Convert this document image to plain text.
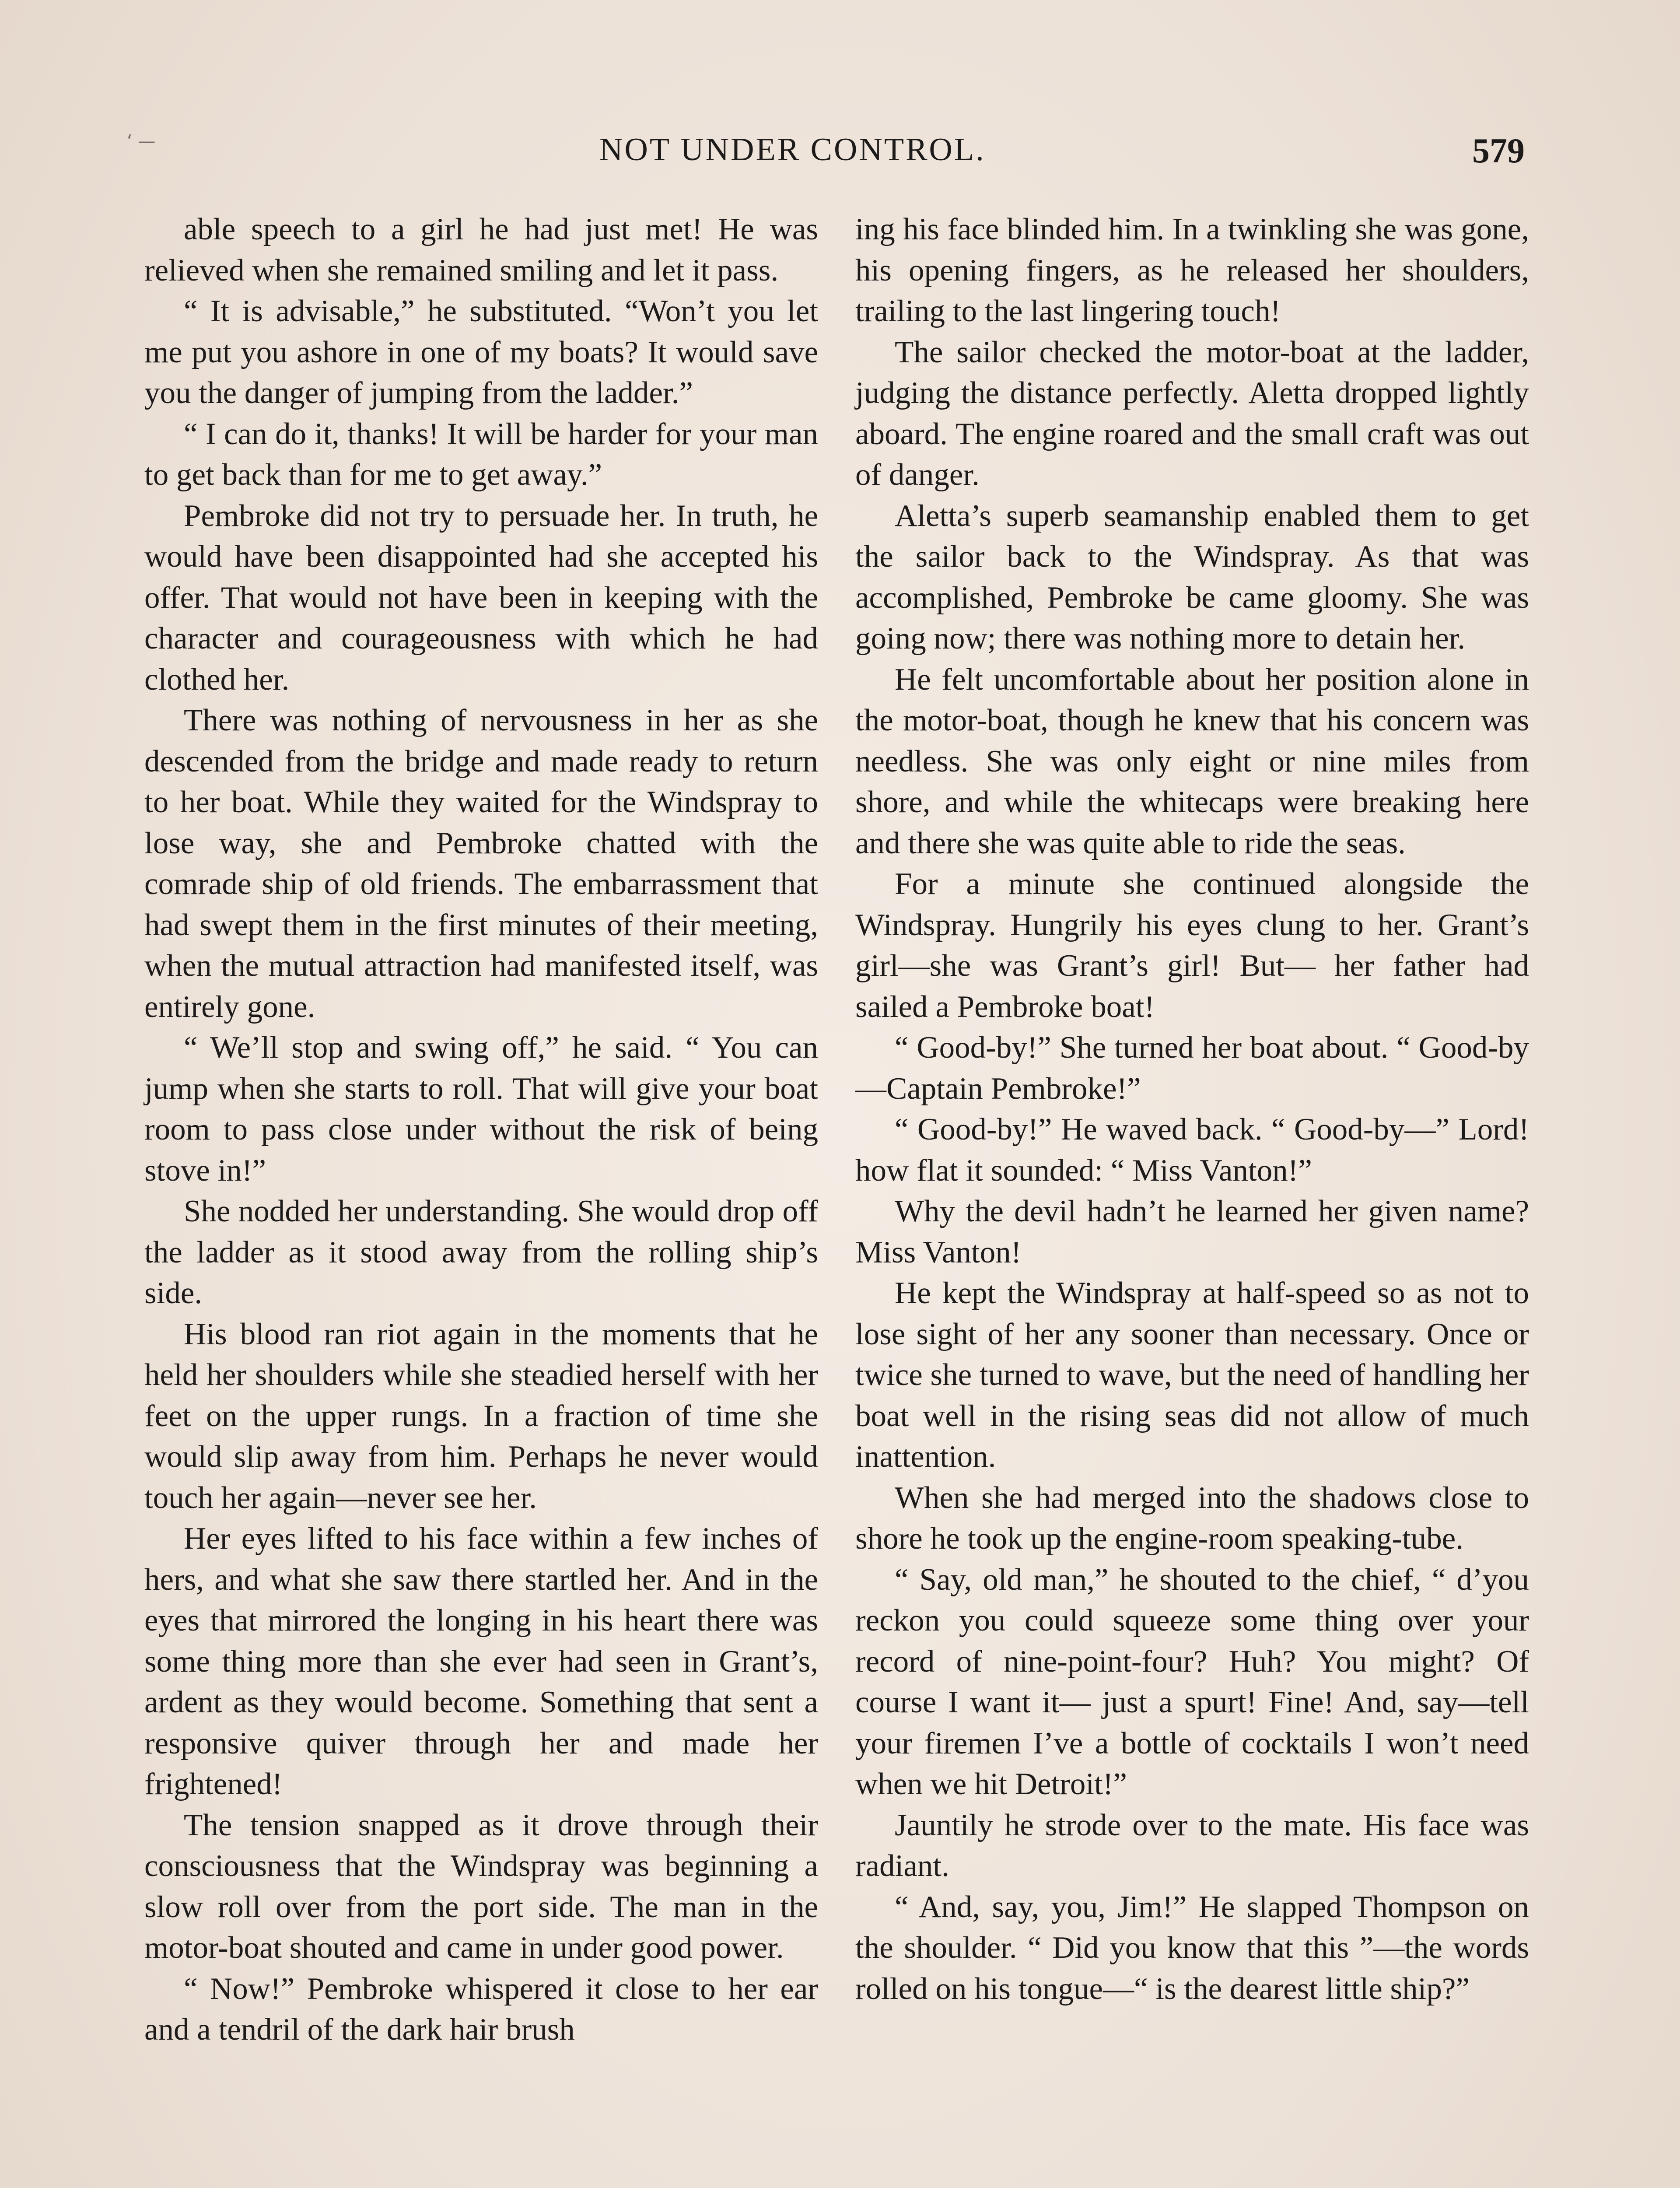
ʻ —	NOT UNDER CONTROL.	579

able speech to a girl he had just met! He was relieved when she remained smiling and let it pass.

“ It is advisable,” he substituted. “Won’t you let me put you ashore in one of my boats? It would save you the danger of jumping from the ladder.”

“ I can do it, thanks! It will be harder for your man to get back than for me to get away.”

Pembroke did not try to persuade her. In truth, he would have been disappointed had she accepted his offer. That would not have been in keeping with the character and courageousness with which he had clothed her.

There was nothing of nervousness in her as she descended from the bridge and made ready to return to her boat. While they waited for the Windspray to lose way, she and Pembroke chatted with the comrade ship of old friends. The embarrassment that had swept them in the first minutes of their meeting, when the mutual attraction had manifested itself, was entirely gone.

“ We’ll stop and swing off,” he said. “ You can jump when she starts to roll. That will give your boat room to pass close under without the risk of being stove in!”

She nodded her understanding. She would drop off the ladder as it stood away from the rolling ship’s side.

His blood ran riot again in the moments that he held her shoulders while she steadied herself with her feet on the upper rungs. In a fraction of time she would slip away from him. Perhaps he never would touch her again—never see her.

Her eyes lifted to his face within a few inches of hers, and what she saw there startled her. And in the eyes that mirrored the longing in his heart there was some thing more than she ever had seen in Grant’s, ardent as they would become. Something that sent a responsive quiver through her and made her frightened!

The tension snapped as it drove through their consciousness that the Windspray was beginning a slow roll over from the port side. The man in the motor-boat shouted and came in under good power.

“ Now!” Pembroke whispered it close to her ear and a tendril of the dark hair brush

ing his face blinded him. In a twinkling she was gone, his opening fingers, as he released her shoulders, trailing to the last lingering touch!

The sailor checked the motor-boat at the ladder, judging the distance perfectly. Aletta dropped lightly aboard. The engine roared and the small craft was out of danger.

Aletta’s superb seamanship enabled them to get the sailor back to the Windspray. As that was accomplished, Pembroke be came gloomy. She was going now; there was nothing more to detain her.

He felt uncomfortable about her position alone in the motor-boat, though he knew that his concern was needless. She was only eight or nine miles from shore, and while the whitecaps were breaking here and there she was quite able to ride the seas.

For a minute she continued alongside the Windspray. Hungrily his eyes clung to her. Grant’s girl—she was Grant’s girl! But— her father had sailed a Pembroke boat!

“ Good-by!” She turned her boat about. “ Good-by—Captain Pembroke!”

“ Good-by!” He waved back. “ Good-by—” Lord! how flat it sounded: “ Miss Vanton!”

Why the devil hadn’t he learned her given name? Miss Vanton!

He kept the Windspray at half-speed so as not to lose sight of her any sooner than necessary. Once or twice she turned to wave, but the need of handling her boat well in the rising seas did not allow of much inattention.

When she had merged into the shadows close to shore he took up the engine-room speaking-tube.

“ Say, old man,” he shouted to the chief, “ d’you reckon you could squeeze some thing over your record of nine-point-four? Huh? You might? Of course I want it— just a spurt! Fine! And, say—tell your firemen I’ve a bottle of cocktails I won’t need when we hit Detroit!”

Jauntily he strode over to the mate. His face was radiant.

“ And, say, you, Jim!” He slapped Thompson on the shoulder. “ Did you know that this ”—the words rolled on his tongue—“ is the dearest little ship?”
